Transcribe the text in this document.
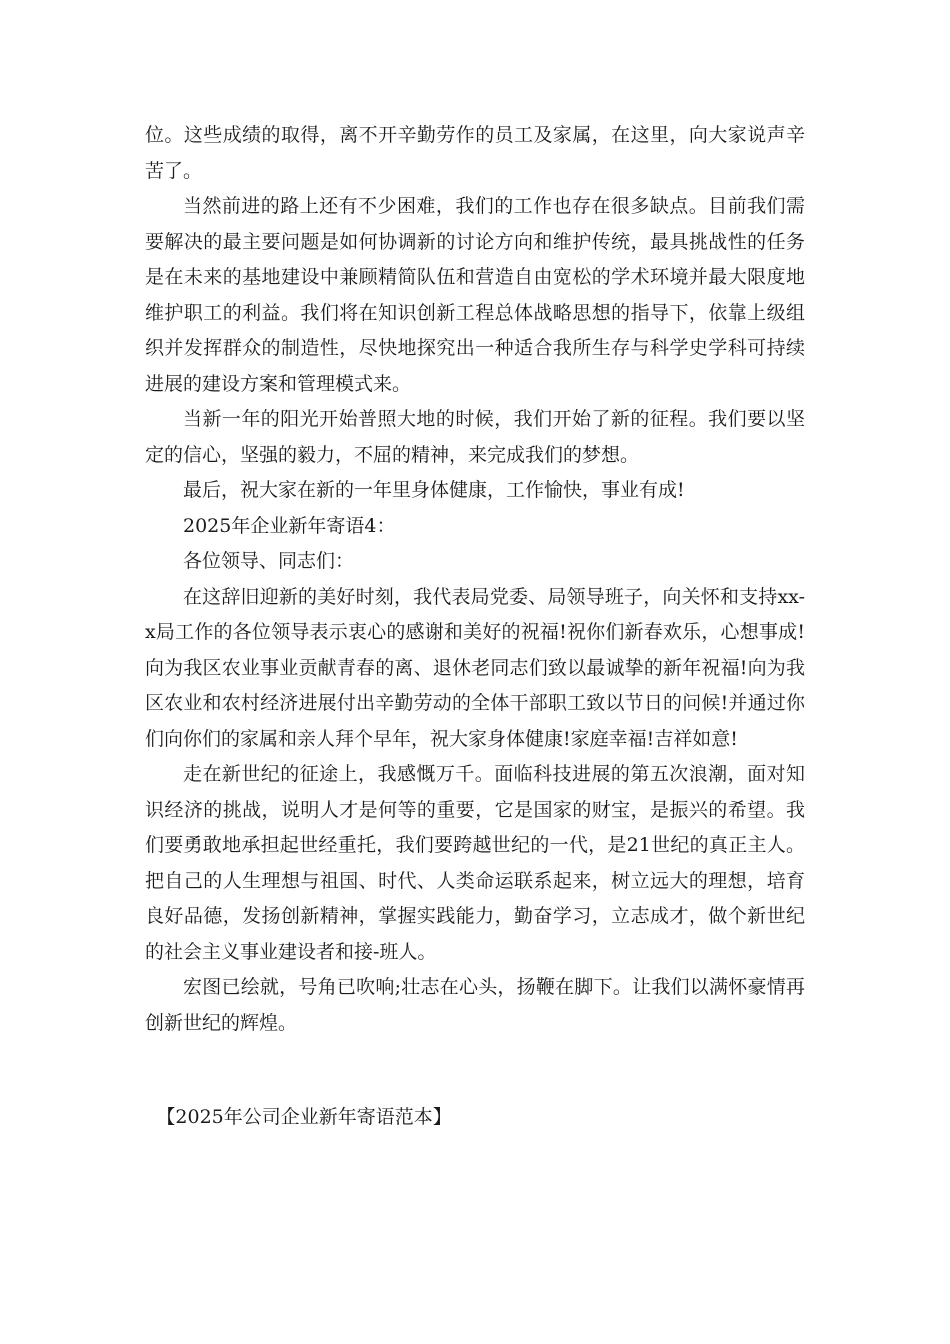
位。这些成绩的取得，离不开辛勤劳作的员工及家属，在这里，向大家说声辛苦了。

当然前进的路上还有不少困难，我们的工作也存在很多缺点。目前我们需要解决的最主要问题是如何协调新的讨论方向和维护传统，最具挑战性的任务是在未来的基地建设中兼顾精简队伍和营造自由宽松的学术环境并最大限度地维护职工的利益。我们将在知识创新工程总体战略思想的指导下，依靠上级组织并发挥群众的制造性，尽快地探究出一种适合我所生存与科学史学科可持续进展的建设方案和管理模式来。

当新一年的阳光开始普照大地的时候，我们开始了新的征程。我们要以坚定的信心，坚强的毅力，不屈的精神，来完成我们的梦想。

最后，祝大家在新的一年里身体健康，工作愉快，事业有成!

2025年企业新年寄语4：

各位领导、同志们：

在这辞旧迎新的美好时刻，我代表局党委、局领导班子，向关怀和支持xx-x局工作的各位领导表示衷心的感谢和美好的祝福!祝你们新春欢乐，心想事成!向为我区农业事业贡献青春的离、退休老同志们致以最诚挚的新年祝福!向为我区农业和农村经济进展付出辛勤劳动的全体干部职工致以节日的问候!并通过你们向你们的家属和亲人拜个早年，祝大家身体健康!家庭幸福!吉祥如意!

走在新世纪的征途上，我感慨万千。面临科技进展的第五次浪潮，面对知识经济的挑战，说明人才是何等的重要，它是国家的财宝，是振兴的希望。我们要勇敢地承担起世经重托，我们要跨越世纪的一代，是21世纪的真正主人。把自己的人生理想与祖国、时代、人类命运联系起来，树立远大的理想，培育良好品德，发扬创新精神，掌握实践能力，勤奋学习，立志成才，做个新世纪的社会主义事业建设者和接-班人。

宏图已绘就，号角已吹响;壮志在心头，扬鞭在脚下。让我们以满怀豪情再创新世纪的辉煌。

【2025年公司企业新年寄语范本】
